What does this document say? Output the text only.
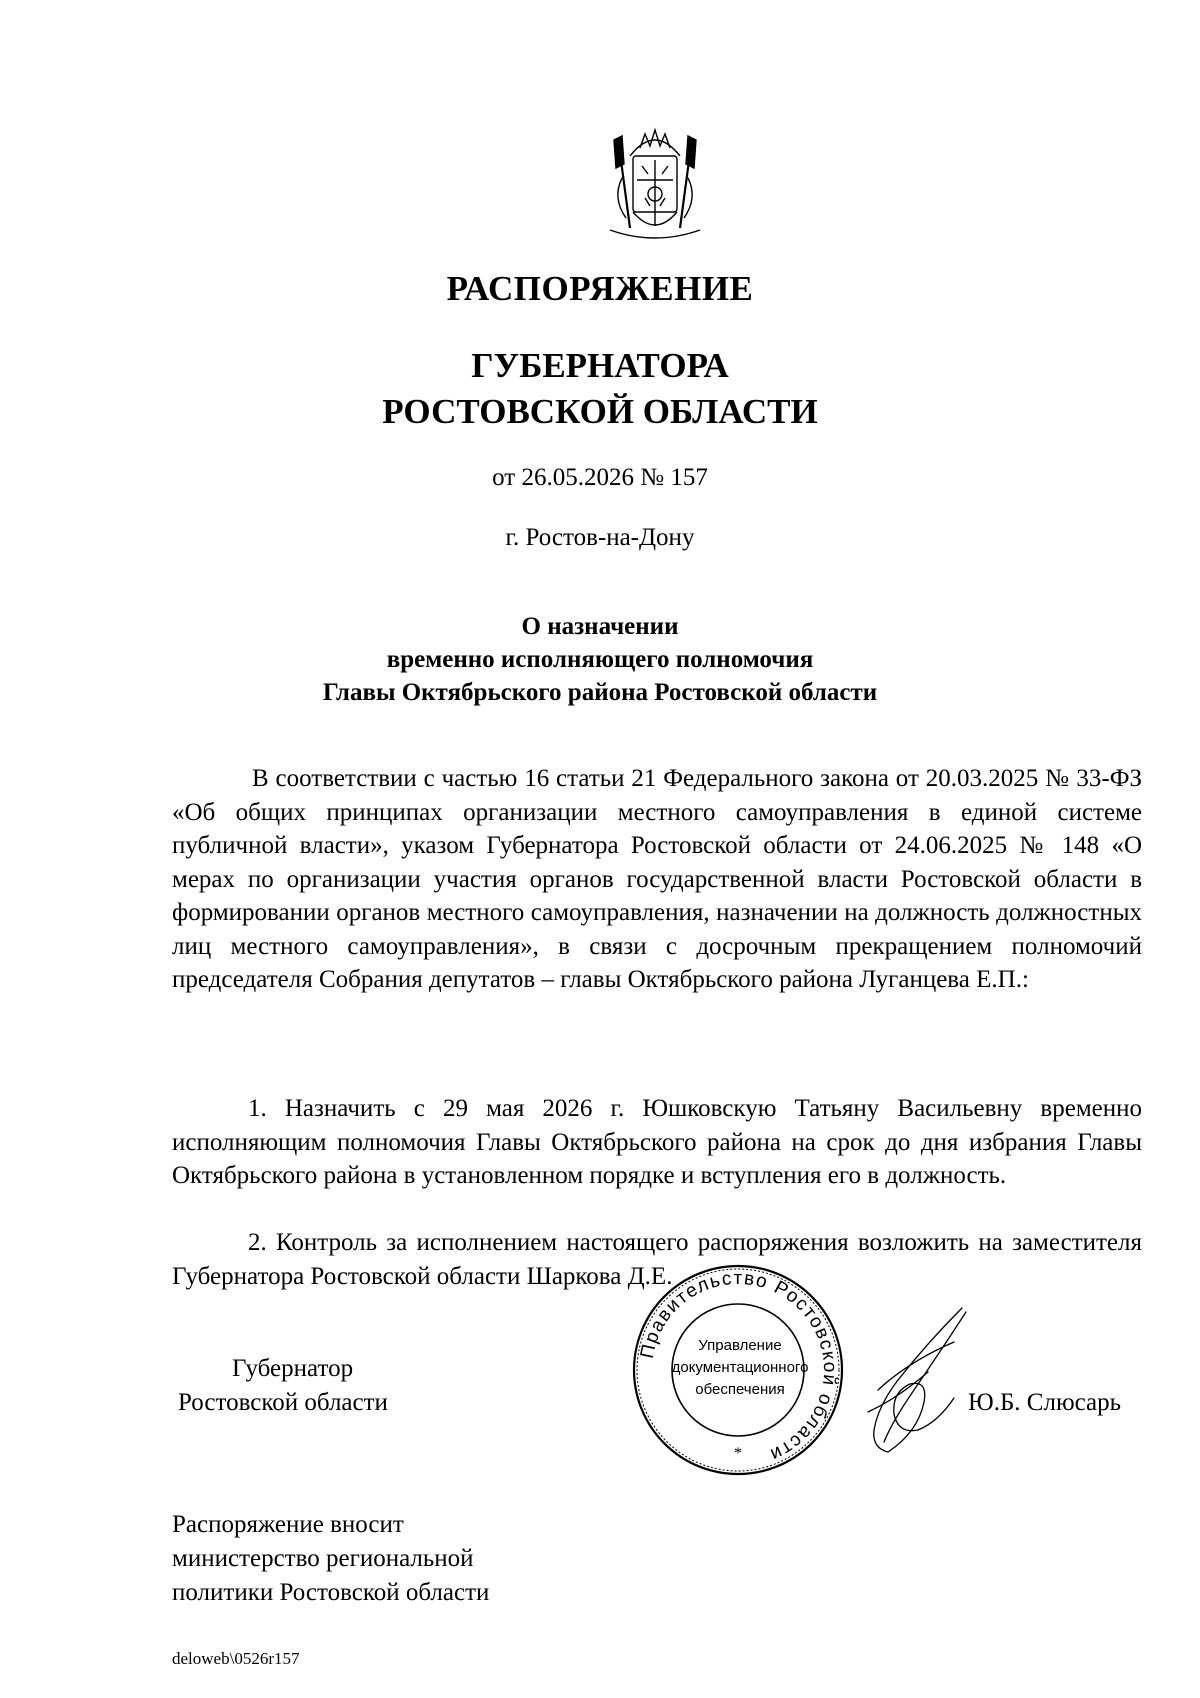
РАСПОРЯЖЕНИЕ
ГУБЕРНАТОРА
РОСТОВСКОЙ ОБЛАСТИ
от 26.05.2026 № 157
г. Ростов-на-Дону
О назначении
временно исполняющего полномочия
Главы Октябрьского района Ростовской области

В соответствии с частью 16 статьи 21 Федерального закона от 20.03.2025 № 33-ФЗ «Об общих принципах организации местного самоуправления в единой системе публичной власти», указом Губернатора Ростовской области от 24.06.2025 № 148 «О мерах по организации участия органов государственной власти Ростовской области в формировании органов местного самоуправления, назначении на должность должностных лиц местного самоуправления», в связи с досрочным прекращением полномочий председателя Собрания депутатов – главы Октябрьского района Луганцева Е.П.:

1. Назначить с 29 мая 2026 г. Юшковскую Татьяну Васильевну временно исполняющим полномочия Главы Октябрьского района на срок до дня избрания Главы Октябрьского района в установленном порядке и вступления его в должность.

2. Контроль за исполнением настоящего распоряжения возложить на заместителя Губернатора Ростовской области Шаркова Д.Е.

Губернатор
Ростовской области
Правительство Ростовской области
*
Управление
документационного
обеспечения	Ю.Б. Слюсарь
Распоряжение вносит
министерство региональной
политики Ростовской области
deloweb\0526r157
